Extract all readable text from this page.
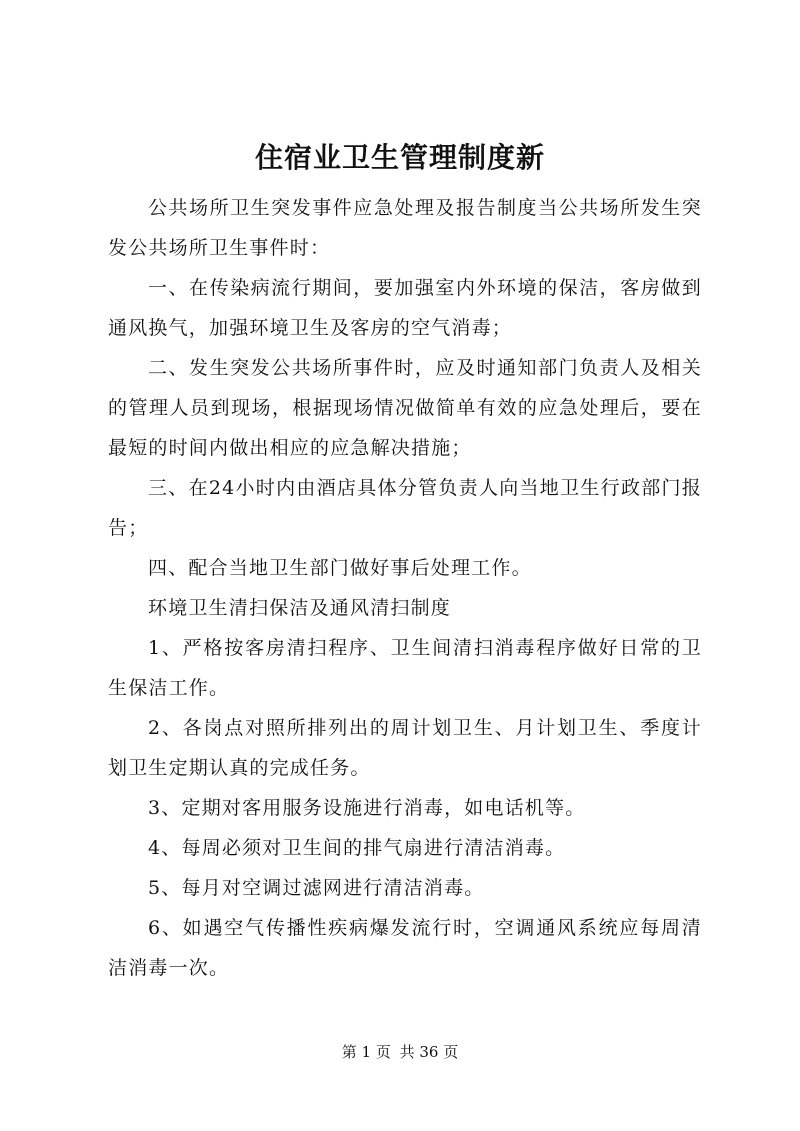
住宿业卫生管理制度新

公共场所卫生突发事件应急处理及报告制度当公共场所发生突发公共场所卫生事件时：

一、在传染病流行期间，要加强室内外环境的保洁，客房做到通风换气，加强环境卫生及客房的空气消毒；

二、发生突发公共场所事件时，应及时通知部门负责人及相关的管理人员到现场，根据现场情况做简单有效的应急处理后，要在最短的时间内做出相应的应急解决措施；

三、在24小时内由酒店具体分管负责人向当地卫生行政部门报告；

四、配合当地卫生部门做好事后处理工作。

环境卫生清扫保洁及通风清扫制度

1、严格按客房清扫程序、卫生间清扫消毒程序做好日常的卫生保洁工作。

2、各岗点对照所排列出的周计划卫生、月计划卫生、季度计划卫生定期认真的完成任务。

3、定期对客用服务设施进行消毒，如电话机等。

4、每周必须对卫生间的排气扇进行清洁消毒。

5、每月对空调过滤网进行清洁消毒。

6、如遇空气传播性疾病爆发流行时，空调通风系统应每周清洁消毒一次。

第 1 页 共 36 页
